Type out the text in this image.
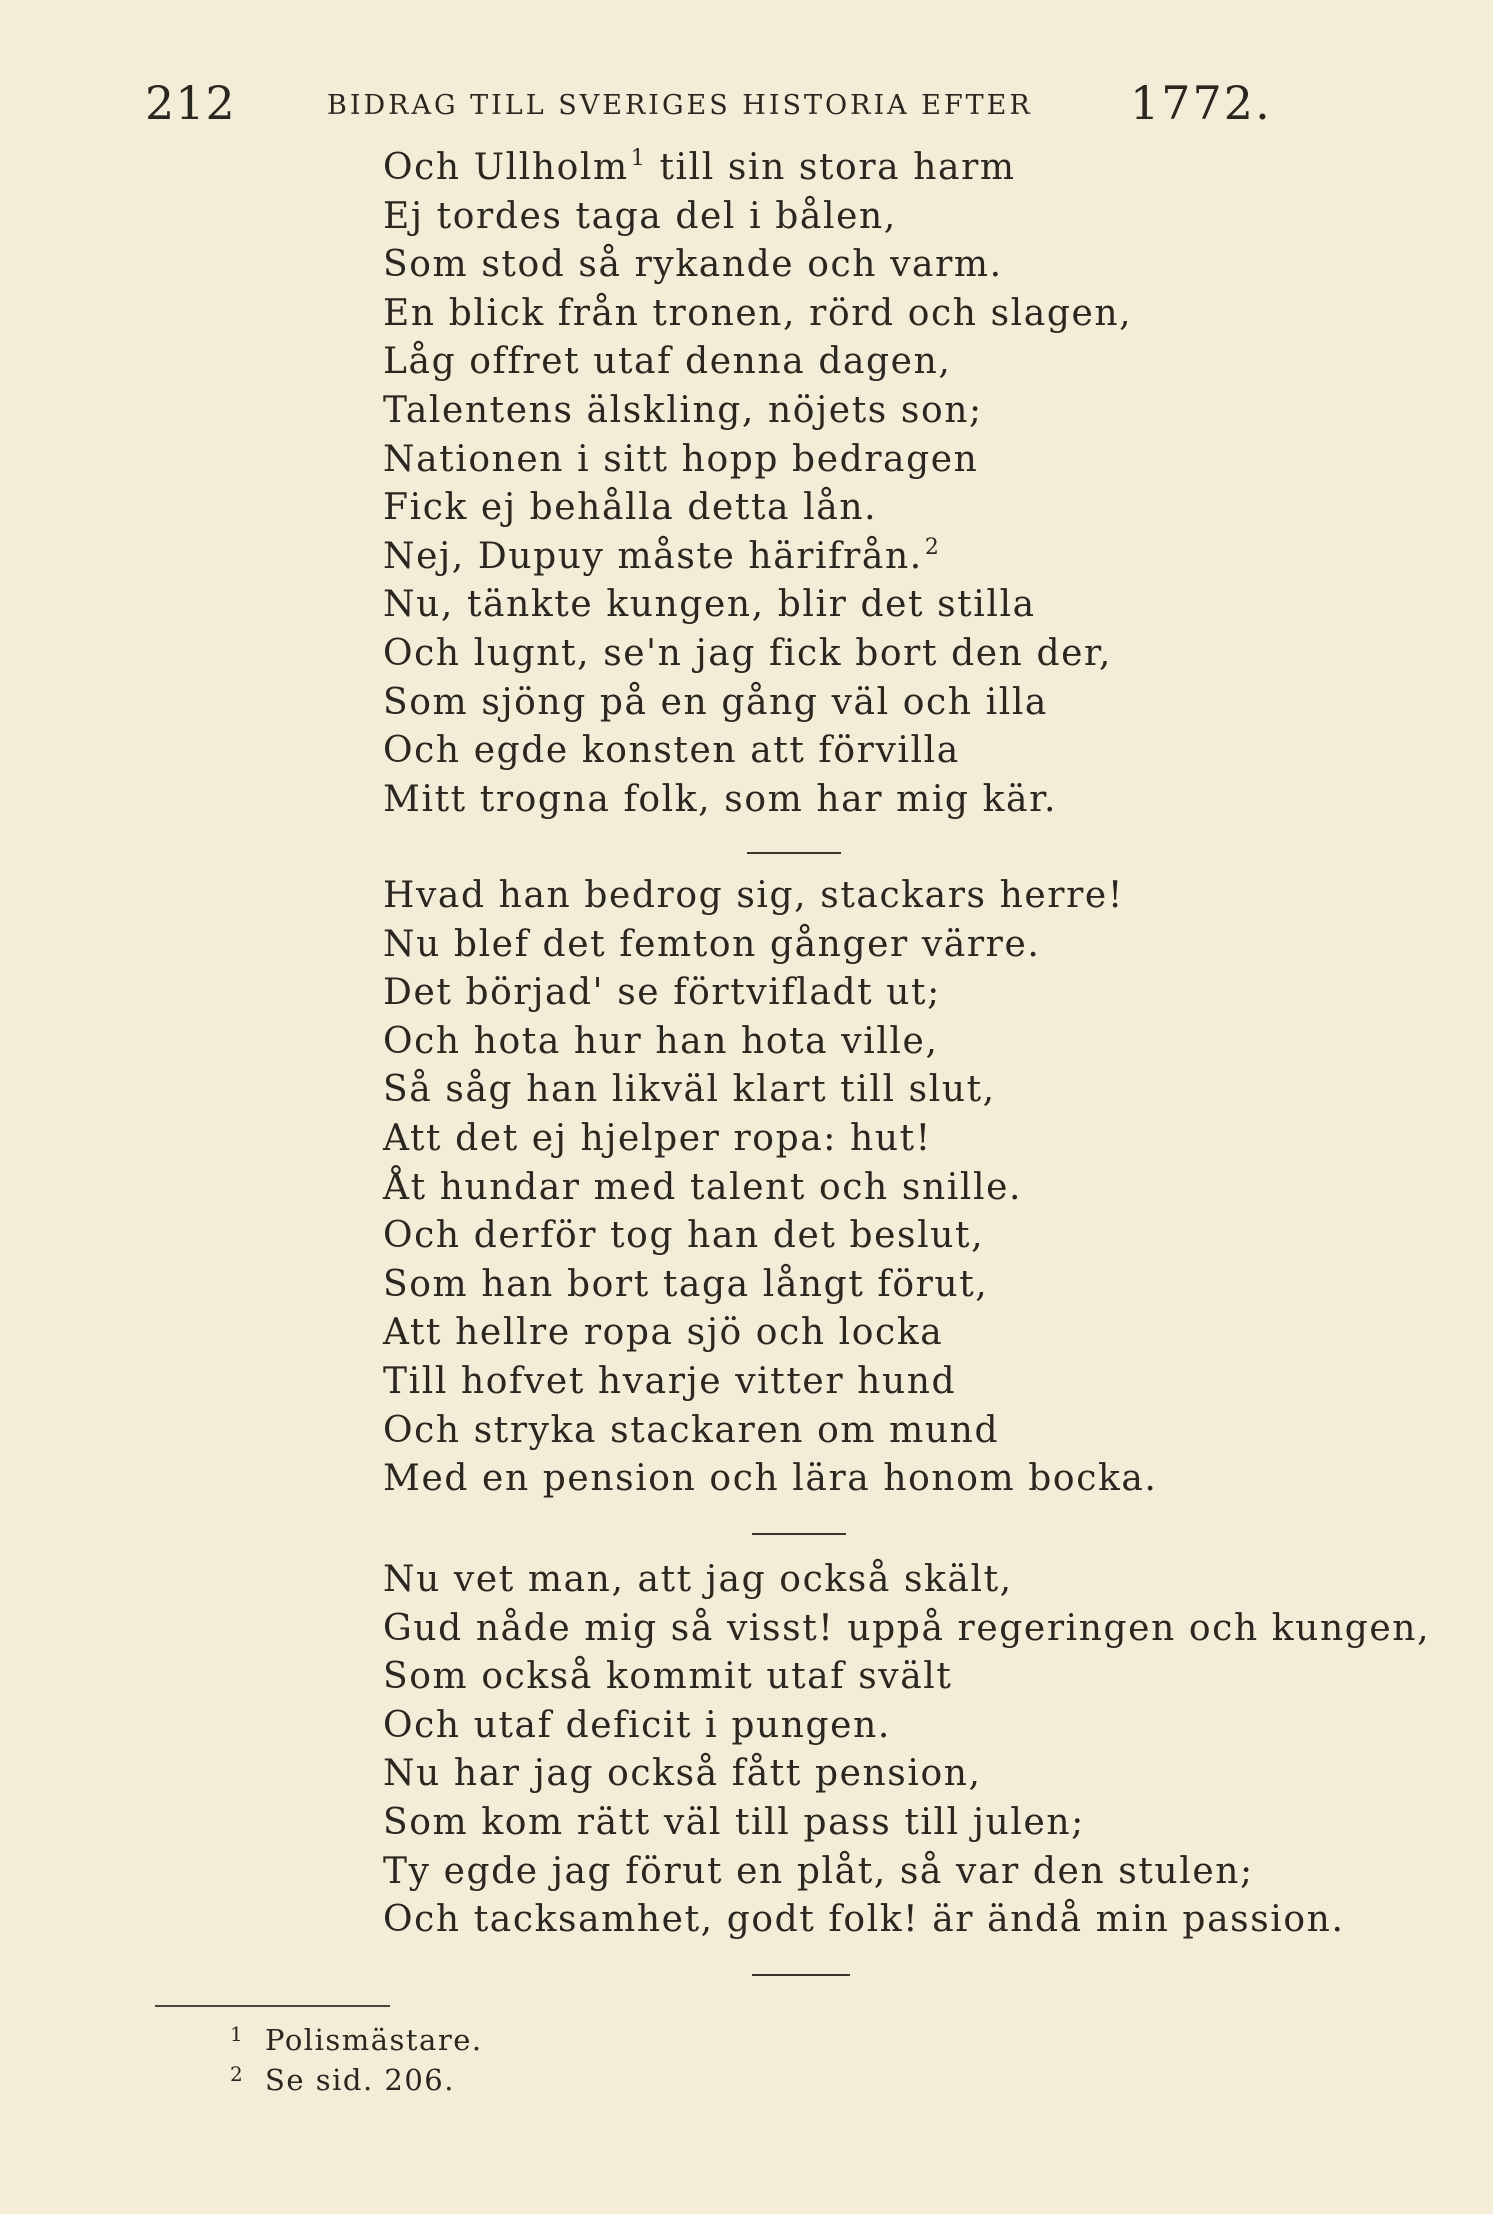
212	BIDRAG TILL SVERIGES HISTORIA EFTER 1772.
Och Ullholm$^1$ till sin stora harm
Ej tordes taga del i bålen,
Som stod så rykande och varm.
En blick från tronen, rörd och slagen,
Låg offret utaf denna dagen,
Talentens älskling, nöjets son;
Nationen i sitt hopp bedragen
Fick ej behålla detta lån.
Nej, Dupuy måste härifrån.$^2$
Nu, tänkte kungen, blir det stilla
Och lugnt, se'n jag fick bort den der,
Som sjöng på en gång väl och illa
Och egde konsten att förvilla
Mitt trogna folk, som har mig kär.
Hvad han bedrog sig, stackars herre!
Nu blef det femton gånger värre.
Det börjad' se förtvifladt ut;
Och hota hur han hota ville,
Så såg han likväl klart till slut,
Att det ej hjelper ropa: hut!
Åt hundar med talent och snille.
Och derför tog han det beslut,
Som han bort taga långt förut,
Att hellre ropa sjö och locka
Till hofvet hvarje vitter hund
Och stryka stackaren om mund
Med en pension och lära honom bocka.
Nu vet man, att jag också skält,
Gud nåde mig så visst! uppå regeringen och kungen,
Som också kommit utaf svält
Och utaf deficit i pungen.
Nu har jag också fått pension,
Som kom rätt väl till pass till julen;
Ty egde jag förut en plåt, så var den stulen;
Och tacksamhet, godt folk! är ändå min passion.
1 Polismästare.
2 Se sid. 206.
